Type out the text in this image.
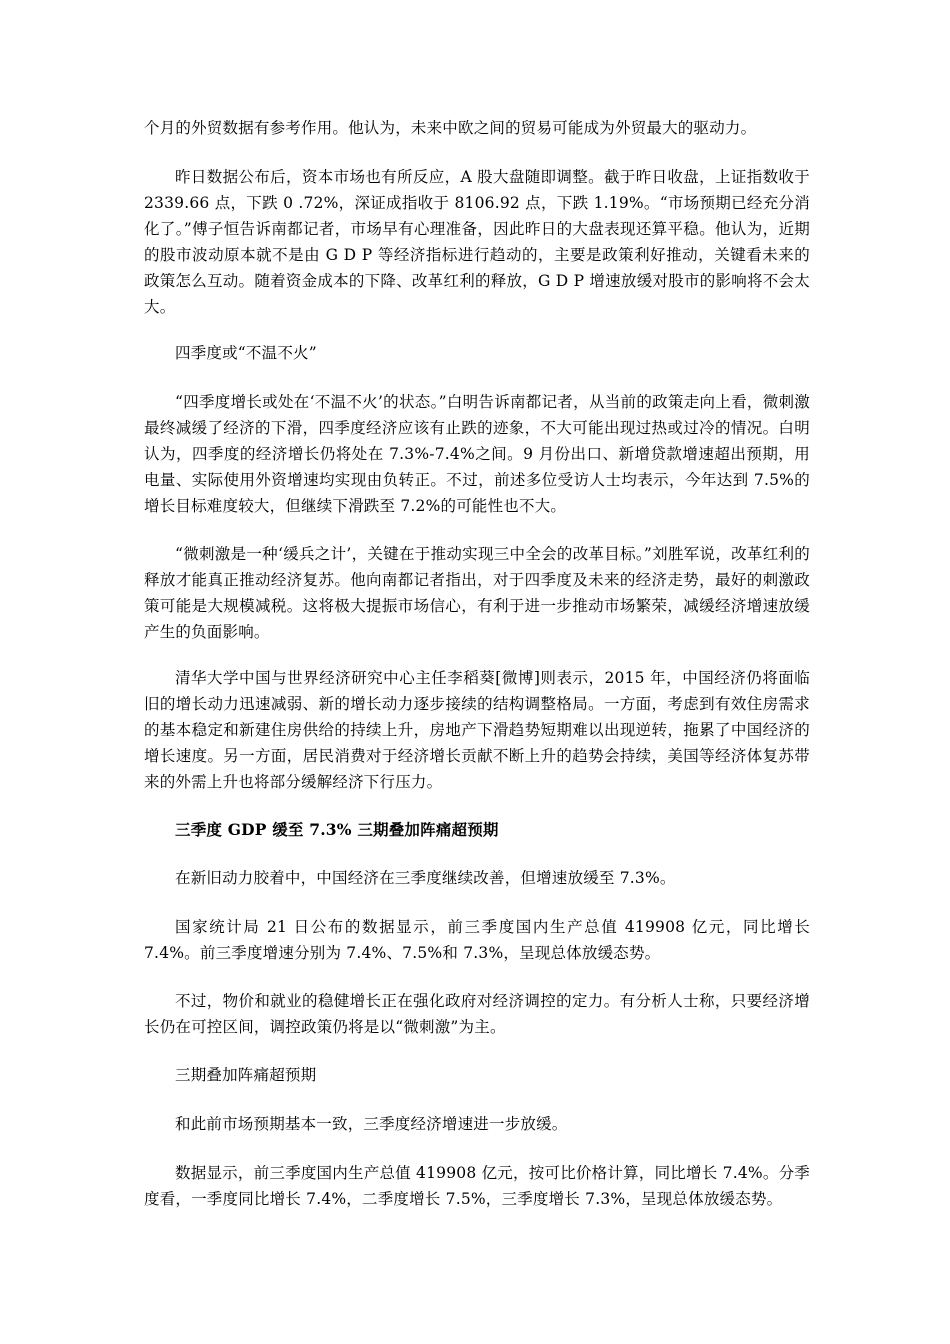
个月的外贸数据有参考作用。他认为，未来中欧之间的贸易可能成为外贸最大的驱动力。

昨日数据公布后，资本市场也有所反应，A 股大盘随即调整。截于昨日收盘，上证指数收于 2339.66 点，下跌 0 .72%，深证成指收于 8106.92 点，下跌 1.19%。“市场预期已经充分消化了。”傅子恒告诉南都记者，市场早有心理准备，因此昨日的大盘表现还算平稳。他认为，近期的股市波动原本就不是由 G D P 等经济指标进行趋动的，主要是政策利好推动，关键看未来的政策怎么互动。随着资金成本的下降、改革红利的释放，G D P 增速放缓对股市的影响将不会太大。

四季度或“不温不火”

“四季度增长或处在‘不温不火’的状态。”白明告诉南都记者，从当前的政策走向上看，微刺激最终减缓了经济的下滑，四季度经济应该有止跌的迹象，不大可能出现过热或过冷的情况。白明认为，四季度的经济增长仍将处在 7.3%-7.4%之间。9 月份出口、新增贷款增速超出预期，用电量、实际使用外资增速均实现由负转正。不过，前述多位受访人士均表示，今年达到 7.5%的增长目标难度较大，但继续下滑跌至 7.2%的可能性也不大。

“微刺激是一种‘缓兵之计’，关键在于推动实现三中全会的改革目标。”刘胜军说，改革红利的释放才能真正推动经济复苏。他向南都记者指出，对于四季度及未来的经济走势，最好的刺激政策可能是大规模减税。这将极大提振市场信心，有利于进一步推动市场繁荣，减缓经济增速放缓产生的负面影响。

清华大学中国与世界经济研究中心主任李稻葵[微博]则表示，2015 年，中国经济仍将面临旧的增长动力迅速减弱、新的增长动力逐步接续的结构调整格局。一方面，考虑到有效住房需求的基本稳定和新建住房供给的持续上升，房地产下滑趋势短期难以出现逆转，拖累了中国经济的增长速度。另一方面，居民消费对于经济增长贡献不断上升的趋势会持续，美国等经济体复苏带来的外需上升也将部分缓解经济下行压力。

三季度 GDP 缓至 7.3% 三期叠加阵痛超预期

在新旧动力胶着中，中国经济在三季度继续改善，但增速放缓至 7.3%。

国家统计局 21 日公布的数据显示，前三季度国内生产总值 419908 亿元，同比增长 7.4%。前三季度增速分别为 7.4%、7.5%和 7.3%，呈现总体放缓态势。

不过，物价和就业的稳健增长正在强化政府对经济调控的定力。有分析人士称，只要经济增长仍在可控区间，调控政策仍将是以“微刺激”为主。

三期叠加阵痛超预期

和此前市场预期基本一致，三季度经济增速进一步放缓。

数据显示，前三季度国内生产总值 419908 亿元，按可比价格计算，同比增长 7.4%。分季度看，一季度同比增长 7.4%，二季度增长 7.5%，三季度增长 7.3%，呈现总体放缓态势。
